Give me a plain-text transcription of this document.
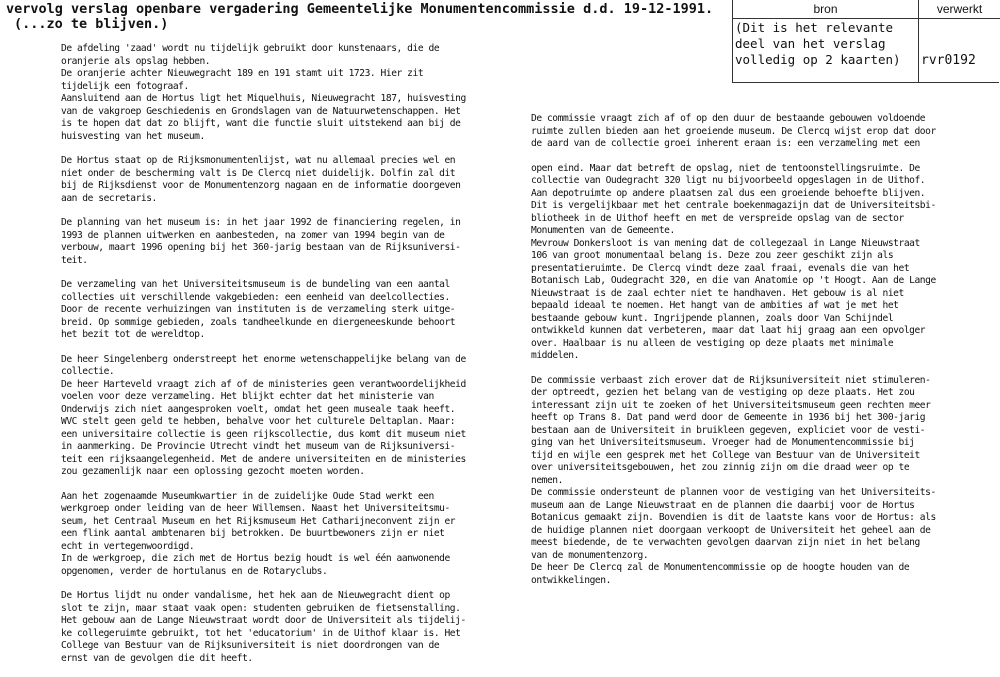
vervolg verslag openbare vergadering Gemeentelijke Monumentencommissie d.d. 19-12-1991.
(...zo te blijven.)
bron	verwerkt
(Dit is het relevante
deel van het verslag
volledig op 2 kaarten)	rvr0192

De afdeling 'zaad' wordt nu tijdelijk gebruikt door kunstenaars, die de
oranjerie als opslag hebben.
De oranjerie achter Nieuwegracht 189 en 191 stamt uit 1723. Hier zit
tijdelijk een fotograaf.
Aansluitend aan de Hortus ligt het Miquelhuis, Nieuwegracht 187, huisvesting
van de vakgroep Geschiedenis en Grondslagen van de Natuurwetenschappen. Het
is te hopen dat dat zo blijft, want die functie sluit uitstekend aan bij de
huisvesting van het museum.

De Hortus staat op de Rijksmonumentenlijst, wat nu allemaal precies wel en
niet onder de bescherming valt is De Clercq niet duidelijk. Dolfin zal dit
bij de Rijksdienst voor de Monumentenzorg nagaan en de informatie doorgeven
aan de secretaris.

De planning van het museum is: in het jaar 1992 de financiering regelen, in
1993 de plannen uitwerken en aanbesteden, na zomer van 1994 begin van de
verbouw, maart 1996 opening bij het 360-jarig bestaan van de Rijksuniversi-
teit.

De verzameling van het Universiteitsmuseum is de bundeling van een aantal
collecties uit verschillende vakgebieden: een eenheid van deelcollecties.
Door de recente verhuizingen van instituten is de verzameling sterk uitge-
breid. Op sommige gebieden, zoals tandheelkunde en diergeneeskunde behoort
het bezit tot de wereldtop.

De heer Singelenberg onderstreept het enorme wetenschappelijke belang van de
collectie.
De heer Harteveld vraagt zich af of de ministeries geen verantwoordelijkheid
voelen voor deze verzameling. Het blijkt echter dat het ministerie van
Onderwijs zich niet aangesproken voelt, omdat het geen museale taak heeft.
WVC stelt geen geld te hebben, behalve voor het culturele Deltaplan. Maar:
een universitaire collectie is geen rijkscollectie, dus komt dit museum niet
in aanmerking. De Provincie Utrecht vindt het museum van de Rijksuniversi-
teit een rijksaangelegenheid. Met de andere universiteiten en de ministeries
zou gezamenlijk naar een oplossing gezocht moeten worden.

Aan het zogenaamde Museumkwartier in de zuidelijke Oude Stad werkt een
werkgroep onder leiding van de heer Willemsen. Naast het Universiteitsmu-
seum, het Centraal Museum en het Rijksmuseum Het Catharijneconvent zijn er
een flink aantal ambtenaren bij betrokken. De buurtbewoners zijn er niet
echt in vertegenwoordigd.
In de werkgroep, die zich met de Hortus bezig houdt is wel één aanwonende
opgenomen, verder de hortulanus en de Rotaryclubs.

De Hortus lijdt nu onder vandalisme, het hek aan de Nieuwegracht dient op
slot te zijn, maar staat vaak open: studenten gebruiken de fietsenstalling.
Het gebouw aan de Lange Nieuwstraat wordt door de Universiteit als tijdelij-
ke collegeruimte gebruikt, tot het 'educatorium' in de Uithof klaar is. Het
College van Bestuur van de Rijksuniversiteit is niet doordrongen van de
ernst van de gevolgen die dit heeft.

De commissie vraagt zich af of op den duur de bestaande gebouwen voldoende
ruimte zullen bieden aan het groeiende museum. De Clercq wijst erop dat door
de aard van de collectie groei inherent eraan is: een verzameling met een

open eind. Maar dat betreft de opslag, niet de tentoonstellingsruimte. De
collectie van Oudegracht 320 ligt nu bijvoorbeeld opgeslagen in de Uithof.
Aan depotruimte op andere plaatsen zal dus een groeiende behoefte blijven.
Dit is vergelijkbaar met het centrale boekenmagazijn dat de Universiteitsbi-
bliotheek in de Uithof heeft en met de verspreide opslag van de sector
Monumenten van de Gemeente.
Mevrouw Donkersloot is van mening dat de collegezaal in Lange Nieuwstraat
106 van groot monumentaal belang is. Deze zou zeer geschikt zijn als
presentatieruimte. De Clercq vindt deze zaal fraai, evenals die van het
Botanisch Lab, Oudegracht 320, en die van Anatomie op 't Hoogt. Aan de Lange
Nieuwstraat is de zaal echter niet te handhaven. Het gebouw is al niet
bepaald ideaal te noemen. Het hangt van de ambities af wat je met het
bestaande gebouw kunt. Ingrijpende plannen, zoals door Van Schijndel
ontwikkeld kunnen dat verbeteren, maar dat laat hij graag aan een opvolger
over. Haalbaar is nu alleen de vestiging op deze plaats met minimale
middelen.

De commissie verbaast zich erover dat de Rijksuniversiteit niet stimuleren-
der optreedt, gezien het belang van de vestiging op deze plaats. Het zou
interessant zijn uit te zoeken of het Universiteitsmuseum geen rechten meer
heeft op Trans 8. Dat pand werd door de Gemeente in 1936 bij het 300-jarig
bestaan aan de Universiteit in bruikleen gegeven, expliciet voor de vesti-
ging van het Universiteitsmuseum. Vroeger had de Monumentencommissie bij
tijd en wijle een gesprek met het College van Bestuur van de Universiteit
over universiteitsgebouwen, het zou zinnig zijn om die draad weer op te
nemen.
De commissie ondersteunt de plannen voor de vestiging van het Universiteits-
museum aan de Lange Nieuwstraat en de plannen die daarbij voor de Hortus
Botanicus gemaakt zijn. Bovendien is dit de laatste kans voor de Hortus: als
de huidige plannen niet doorgaan verkoopt de Universiteit het geheel aan de
meest biedende, de te verwachten gevolgen daarvan zijn niet in het belang
van de monumentenzorg.
De heer De Clercq zal de Monumentencommissie op de hoogte houden van de
ontwikkelingen.
